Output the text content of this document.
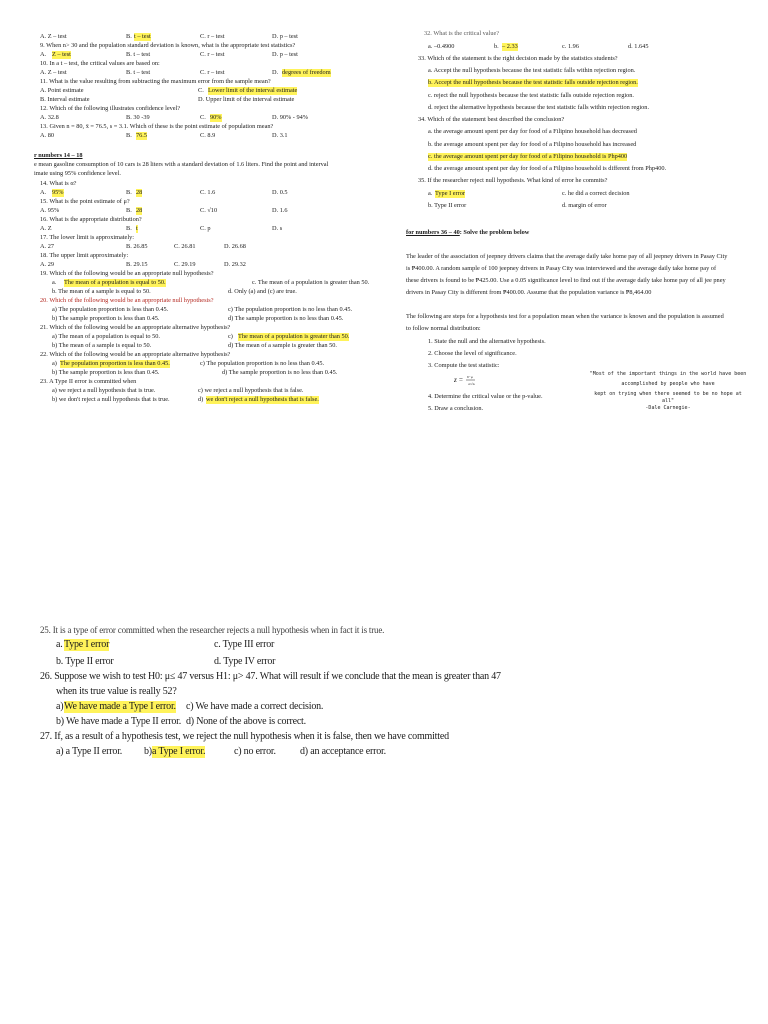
A. Z – test	B. t – test	C. r – test	D. p – test
9. When n> 30 and the population standard deviation is known, what is the appropriate test statistics?
A. Z – test	B. t – test	C. r – test	D. p – test
10. In a t – test, the critical values are based on:
A. Z – test	B. t – test	C. r – test	D. degrees of freedom
11. What is the value resulting from subtracting the maximum error from the sample mean?
A. Point estimate	C. Lower limit of the interval estimate
B. Interval estimate	D. Upper limit of the interval estimate
12. Which of the following illustrates confidence level?
A. 32.8	B. 30 -39	C. 90%	D. 90% - 94%
13. Given n = 80, x̄ = 76.5, s = 3.1. Which of these is the point estimate of population mean?
A. 80	B. 76.5	C. 8.9	D. 3.1
r numbers 14 – 18
e mean gasoline consumption of 10 cars is 28 liters with a standard deviation of 1.6 liters. Find the point and interval
imate using 95% confidence level.
14. What is α?
A. 95%	B. 28	C. 1.6	D. 0.5
15. What is the point estimate of μ?
A. 95%	B. 28	C. √10	D. 1.6
16. What is the appropriate distribution?
A. Z	B. t	C. p	D. s
17. The lower limit is approximately:
A. 27	B. 26.85	C. 26.81	D. 26.68
18. The upper limit approximately:
A. 29	B. 29.15	C. 29.19	D. 29.32
19. Which of the following would be an appropriate null hypothesis?
a. The mean of a population is equal to 50.	c. The mean of a population is greater than 50.
b. The mean of a sample is equal to 50.	d. Only (a) and (c) are true.
20. Which of the following would be an appropriate null hypothesis?
a) The population proportion is less than 0.45.	c) The population proportion is no less than 0.45.
b) The sample proportion is less than 0.45.	d) The sample proportion is no less than 0.45.
21. Which of the following would be an appropriate alternative hypothesis?
a) The mean of a population is equal to 50.	c) The mean of a population is greater than 50.
b) The mean of a sample is equal to 50.	d) The mean of a sample is greater than 50.
22. Which of the following would be an appropriate alternative hypothesis?
a) The population proportion is less than 0.45.	c) The population proportion is no less than 0.45.
b) The sample proportion is less than 0.45.	d) The sample proportion is no less than 0.45.
23. A Type II error is committed when
a) we reject a null hypothesis that is true.	c) we reject a null hypothesis that is false.
b) we don't reject a null hypothesis that is true.	d) we don't reject a null hypothesis that is false.
32. What is the critical value?
a. –0.4900	b. – 2.33	c. 1.96	d. 1.645
33. Which of the statement is the right decision made by the statistics students?
a. Accept the null hypothesis because the test statistic falls within rejection region.
b. Accept the null hypothesis because the test statistic falls outside rejection region.
c. reject the null hypothesis because the test statistic falls outside rejection region.
d. reject the alternative hypothesis because the test statistic falls within rejection region.
34. Which of the statement best described the conclusion?
a. the average amount spent per day for food of a Filipino household has decreased
b. the average amount spent per day for food of a Filipino household has increased
c. the average amount spent per day for food of a Filipino household is Php400
d. the average amount spent per day for food of a Filipino household is different from Php400.
35. If the researcher reject null hypothesis. What kind of error he commits?
a. Type I error	c. he did a correct decision
b. Type II error	d. margin of error
for numbers 36 – 40: Solve the problem below
The leader of the association of jeepney drivers claims that the average daily take home pay of all jeepney drivers in Pasay City
is ₱400.00. A random sample of 100 jeepney drivers in Pasay City was interviewed and the average daily take home pay of
these drivers is found to be ₱425.00. Use a 0.05 significance level to find out if the average daily take home pay of all jee pney
drivers in Pasay City is different from ₱400.00. Assume that the population variance is ₱8,464.00
The following are steps for a hypothesis test for a population mean when the variance is known and the population is assumed
to follow normal distribution:
1. State the null and the alternative hypothesis.
2. Choose the level of significance.
3. Compute the test statistic:
z = x̄−μ
σ/√n
4. Determine the critical value or the p-value.
5. Draw a conclusion.
"Most of the important things in the world have been
accomplished by people who have
kept on trying when there seemed to be no hope at all"
-Dale Carnegie-
25. It is a type of error committed when the researcher rejects a null hypothesis when in fact it is true.
a. Type I error	c. Type III error
b. Type II error	d. Type IV error
26. Suppose we wish to test H0: μ≤ 47 versus H1: μ> 47. What will result if we conclude that the mean is greater than 47
when its true value is really 52?
a) We have made a Type I error. c) We have made a correct decision.
b) We have made a Type II error. d) None of the above is correct.
27. If, as a result of a hypothesis test, we reject the null hypothesis when it is false, then we have committed
a) a Type II error. b) a Type I error.	c) no error. d) an acceptance error.
